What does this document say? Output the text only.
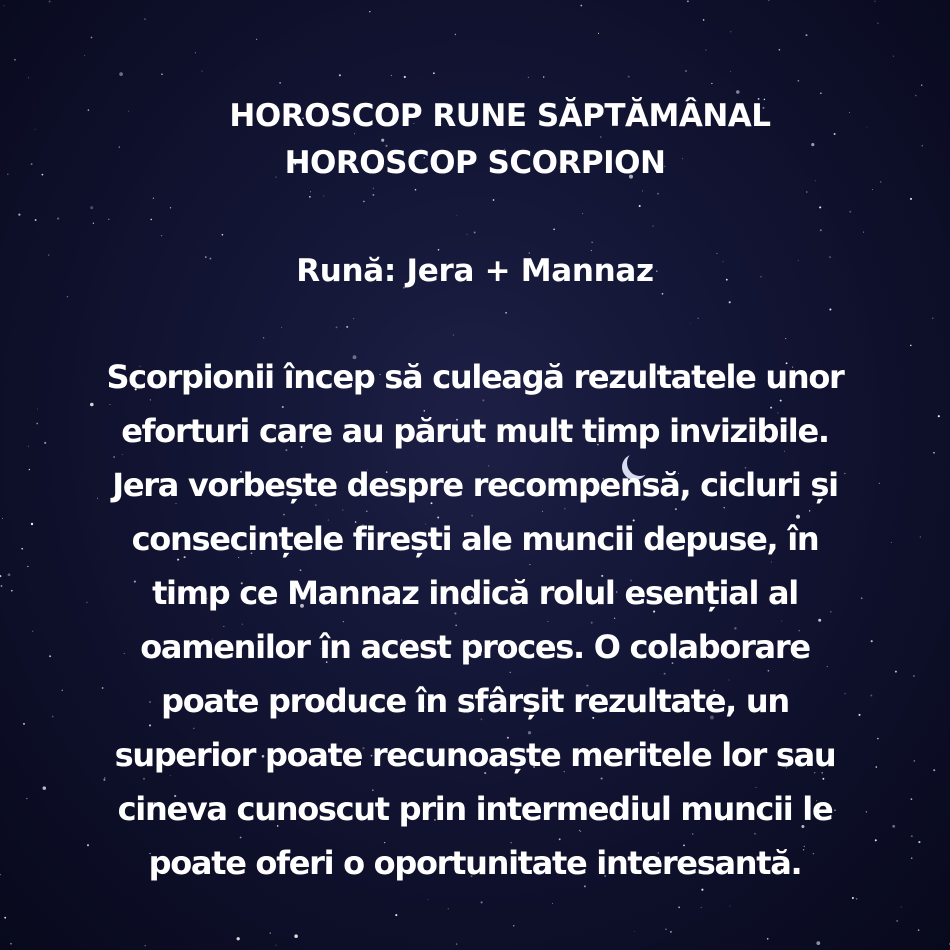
HOROSCOP RUNE SĂPTĂMÂNAL
HOROSCOP SCORPION
Rună: Jera + Mannaz
Scorpionii încep să culeagă rezultatele unor
eforturi care au părut mult timp invizibile.
Jera vorbește despre recompensă, cicluri și
consecințele firești ale muncii depuse, în
timp ce Mannaz indică rolul esențial al
oamenilor în acest proces. O colaborare
poate produce în sfârșit rezultate, un
superior poate recunoaște meritele lor sau
cineva cunoscut prin intermediul muncii le
poate oferi o oportunitate interesantă.
